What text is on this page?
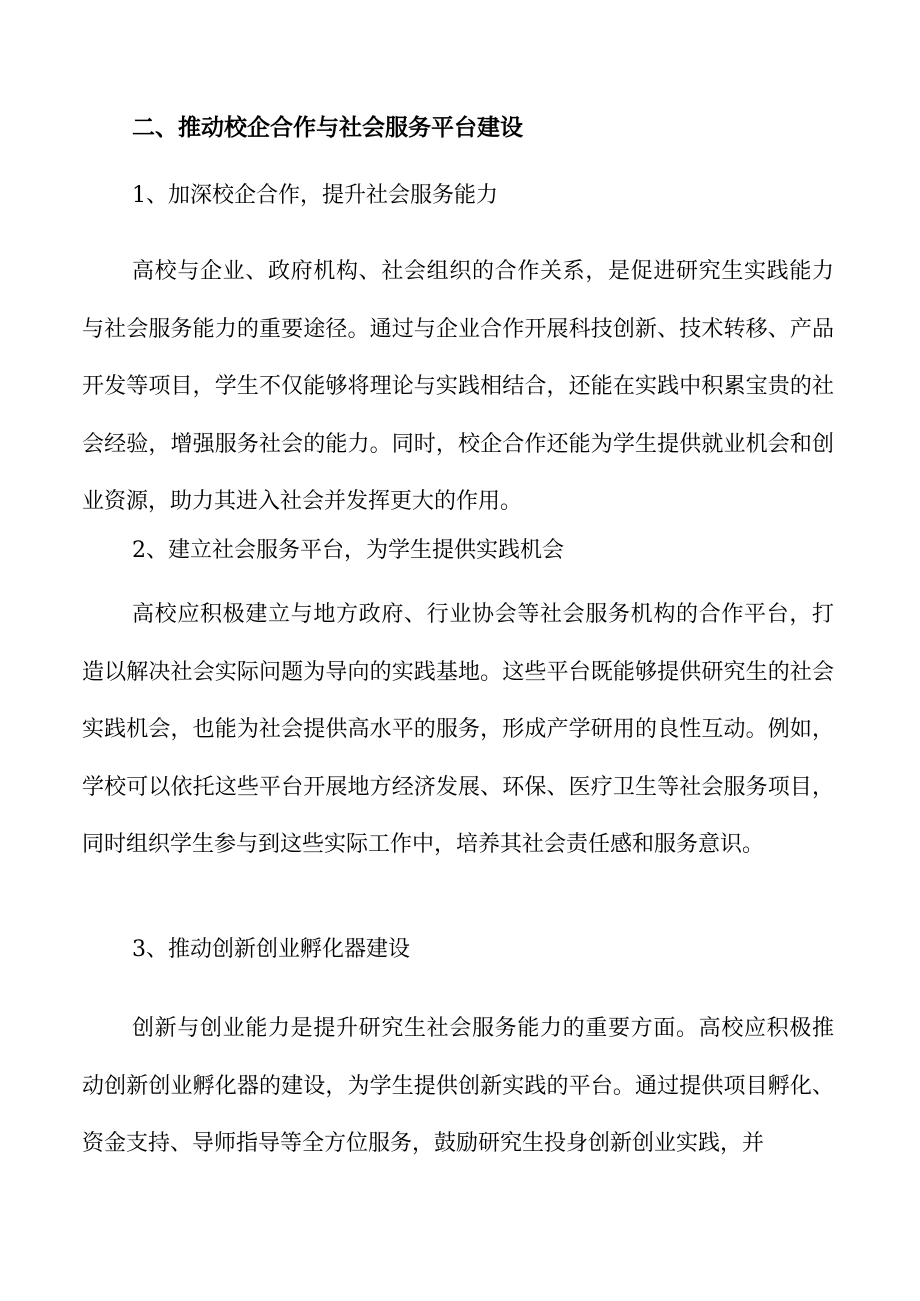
二、推动校企合作与社会服务平台建设

1、加深校企合作，提升社会服务能力

高校与企业、政府机构、社会组织的合作关系，是促进研究生实践能力与社会服务能力的重要途径。通过与企业合作开展科技创新、技术转移、产品开发等项目，学生不仅能够将理论与实践相结合，还能在实践中积累宝贵的社会经验，增强服务社会的能力。同时，校企合作还能为学生提供就业机会和创业资源，助力其进入社会并发挥更大的作用。

2、建立社会服务平台，为学生提供实践机会

高校应积极建立与地方政府、行业协会等社会服务机构的合作平台，打造以解决社会实际问题为导向的实践基地。这些平台既能够提供研究生的社会实践机会，也能为社会提供高水平的服务，形成产学研用的良性互动。例如，学校可以依托这些平台开展地方经济发展、环保、医疗卫生等社会服务项目，同时组织学生参与到这些实际工作中，培养其社会责任感和服务意识。

3、推动创新创业孵化器建设

创新与创业能力是提升研究生社会服务能力的重要方面。高校应积极推动创新创业孵化器的建设，为学生提供创新实践的平台。通过提供项目孵化、资金支持、导师指导等全方位服务，鼓励研究生投身创新创业实践，并
